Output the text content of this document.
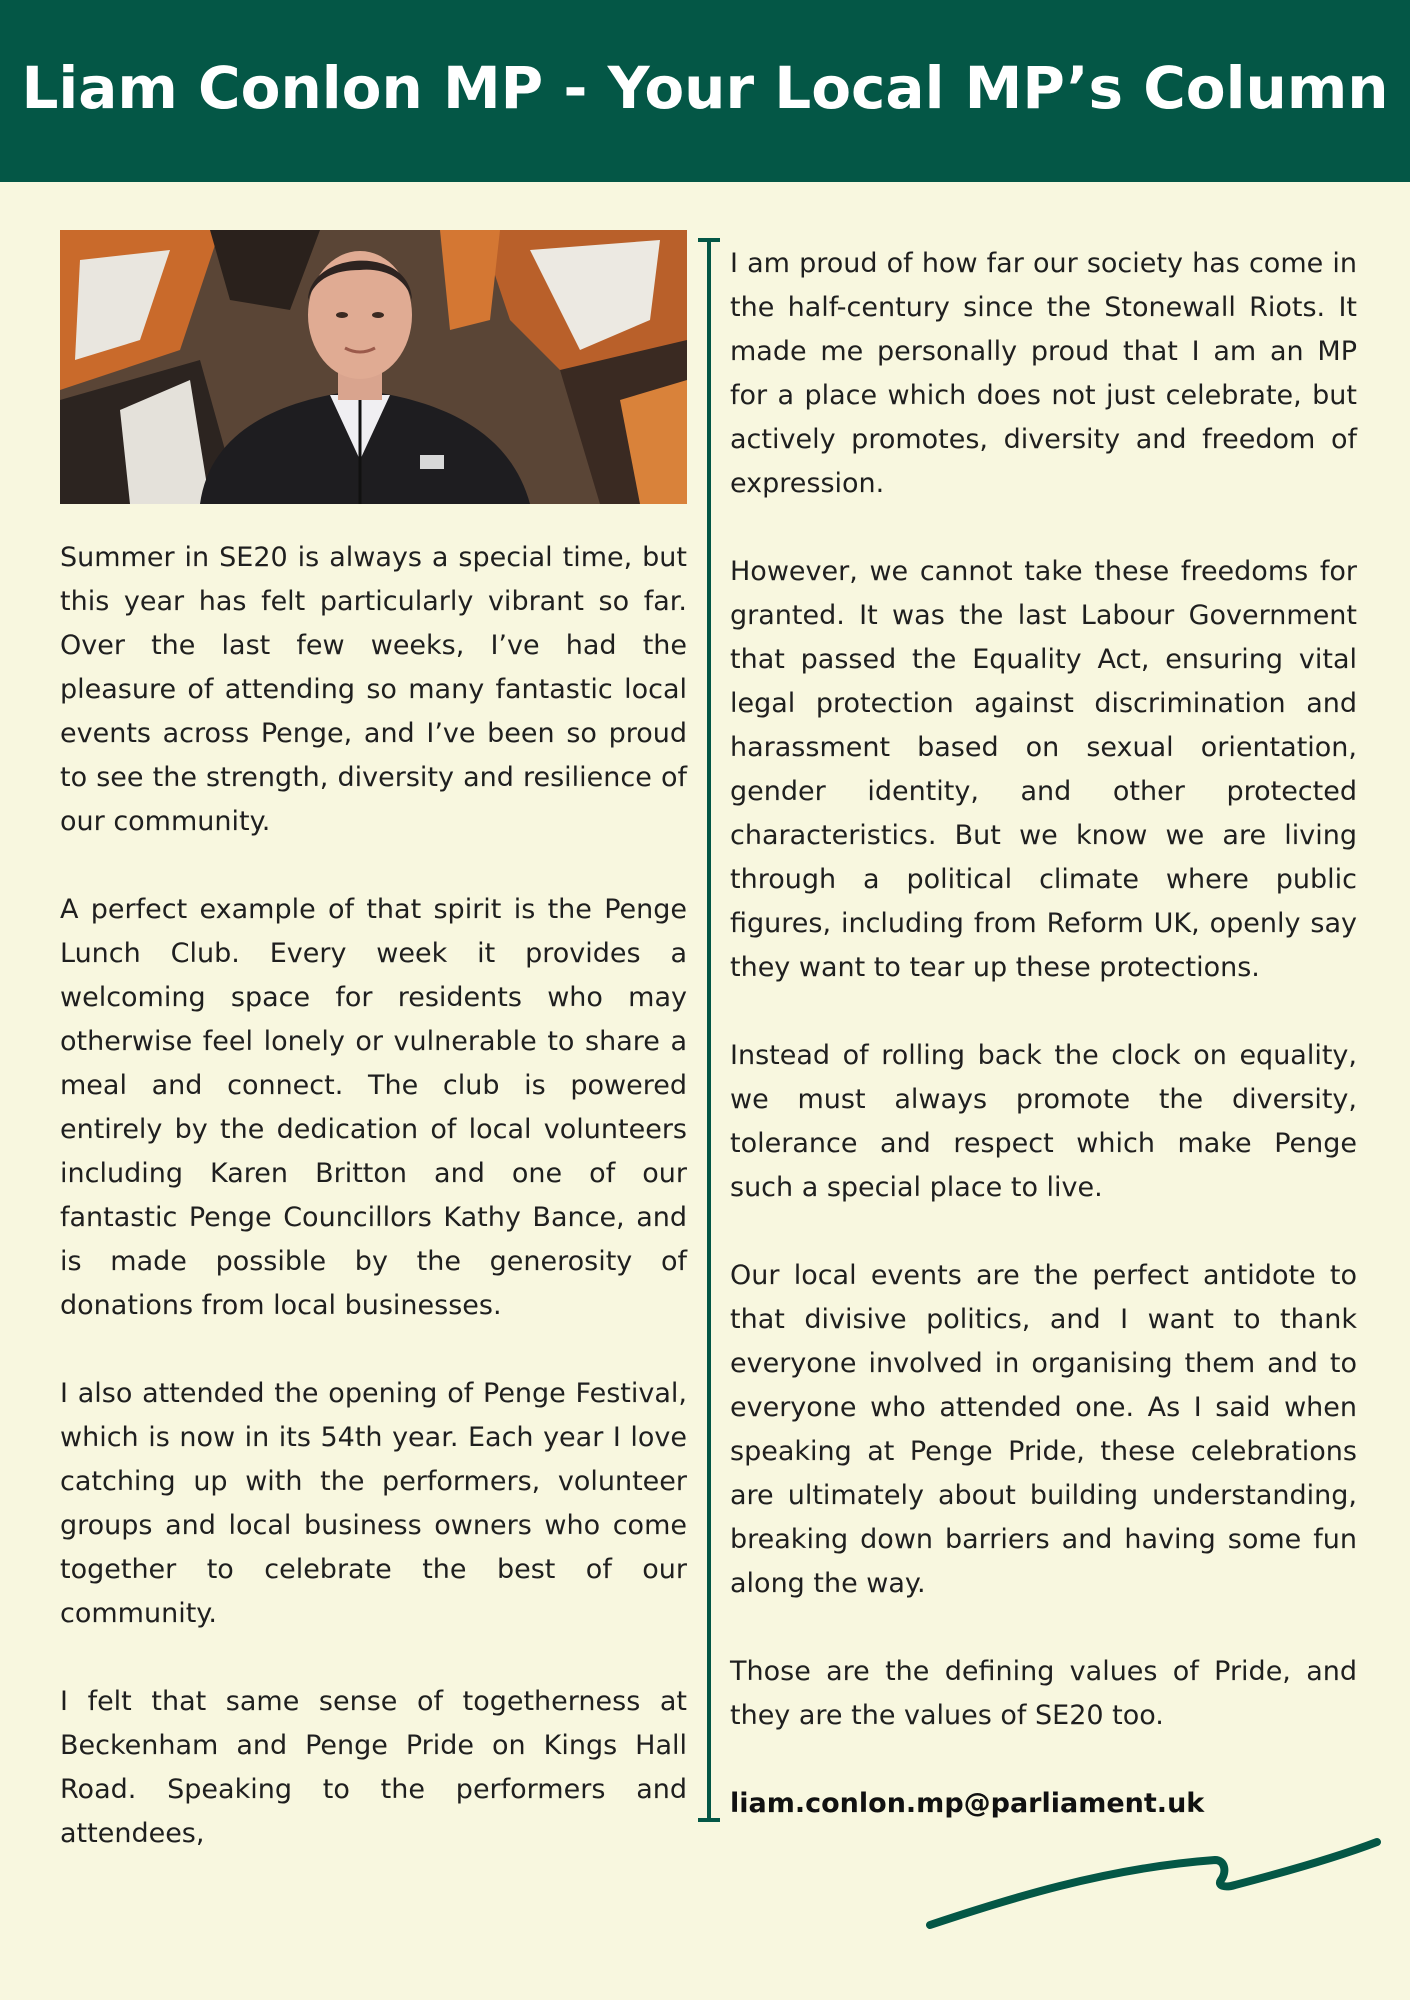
Liam Conlon MP - Your Local MP’s Column

Summer in SE20 is always a special time, but this year has felt particularly vibrant so far. Over the last few weeks, I’ve had the pleasure of attending so many fantastic local events across Penge, and I’ve been so proud to see the strength, diversity and resilience of our community.

A perfect example of that spirit is the Penge Lunch Club. Every week it provides a welcoming space for residents who may otherwise feel lonely or vulnerable to share a meal and connect. The club is powered entirely by the dedication of local volunteers including Karen Britton and one of our fantastic Penge Councillors Kathy Bance, and is made possible by the generosity of donations from local businesses.

I also attended the opening of Penge Festival, which is now in its 54th year. Each year I love catching up with the performers, volunteer groups and local business owners who come together to celebrate the best of our community.

I felt that same sense of togetherness at Beckenham and Penge Pride on Kings Hall Road. Speaking to the performers and attendees,

I am proud of how far our society has come in the half-century since the Stonewall Riots. It made me personally proud that I am an MP for a place which does not just celebrate, but actively promotes, diversity and freedom of expression.

However, we cannot take these freedoms for granted. It was the last Labour Government that passed the Equality Act, ensuring vital legal protection against discrimination and harassment based on sexual orientation, gender identity, and other protected characteristics. But we know we are living through a political climate where public figures, including from Reform UK, openly say they want to tear up these protections.

Instead of rolling back the clock on equality, we must always promote the diversity, tolerance and respect which make Penge such a special place to live.

Our local events are the perfect antidote to that divisive politics, and I want to thank everyone involved in organising them and to everyone who attended one. As I said when speaking at Penge Pride, these celebrations are ultimately about building understanding, breaking down barriers and having some fun along the way.

Those are the defining values of Pride, and they are the values of SE20 too.

liam.conlon.mp@parliament.uk
